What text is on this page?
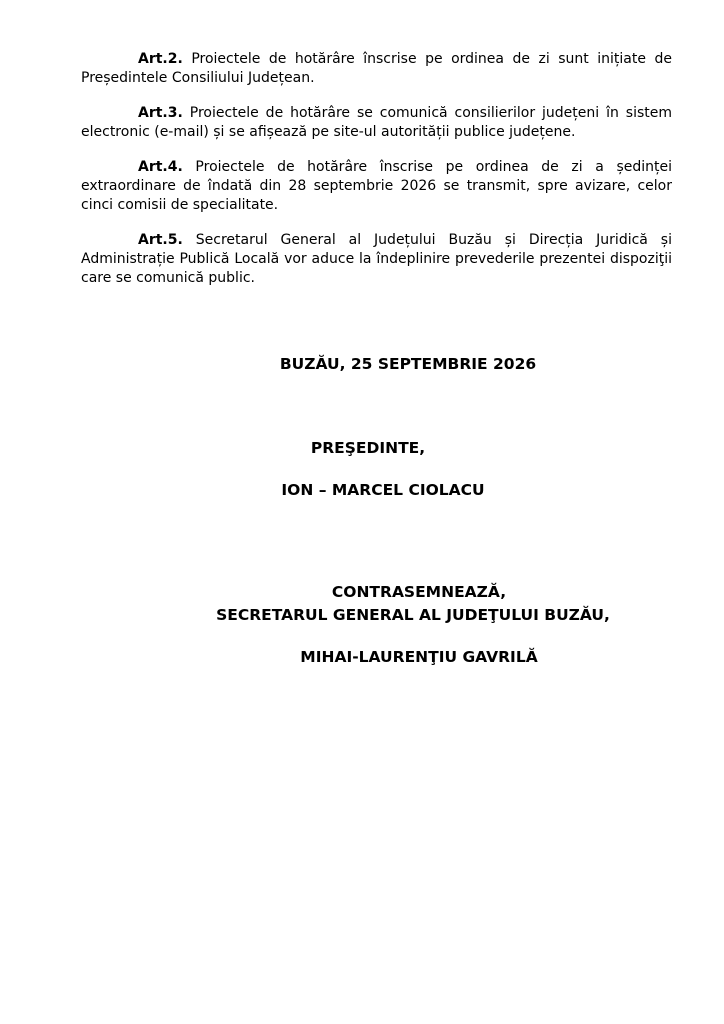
Art.2. Proiectele de hotărâre înscrise pe ordinea de zi sunt inițiate de Președintele Consiliului Județean.

Art.3. Proiectele de hotărâre se comunică consilierilor județeni în sistem electronic (e-mail) și se afișează pe site-ul autorității publice județene.

Art.4. Proiectele de hotărâre înscrise pe ordinea de zi a ședinței extraordinare de îndată din 28 septembrie 2026 se transmit, spre avizare, celor cinci comisii de specialitate.

Art.5. Secretarul General al Județului Buzău și Direcția Juridică și Administrație Publică Locală vor aduce la îndeplinire prevederile prezentei dispoziţii care se comunică public.

BUZĂU, 25 SEPTEMBRIE 2026
PREŞEDINTE,
ION – MARCEL CIOLACU
CONTRASEMNEAZĂ,
SECRETARUL GENERAL AL JUDEŢULUI BUZĂU,
MIHAI-LAURENŢIU GAVRILĂ
